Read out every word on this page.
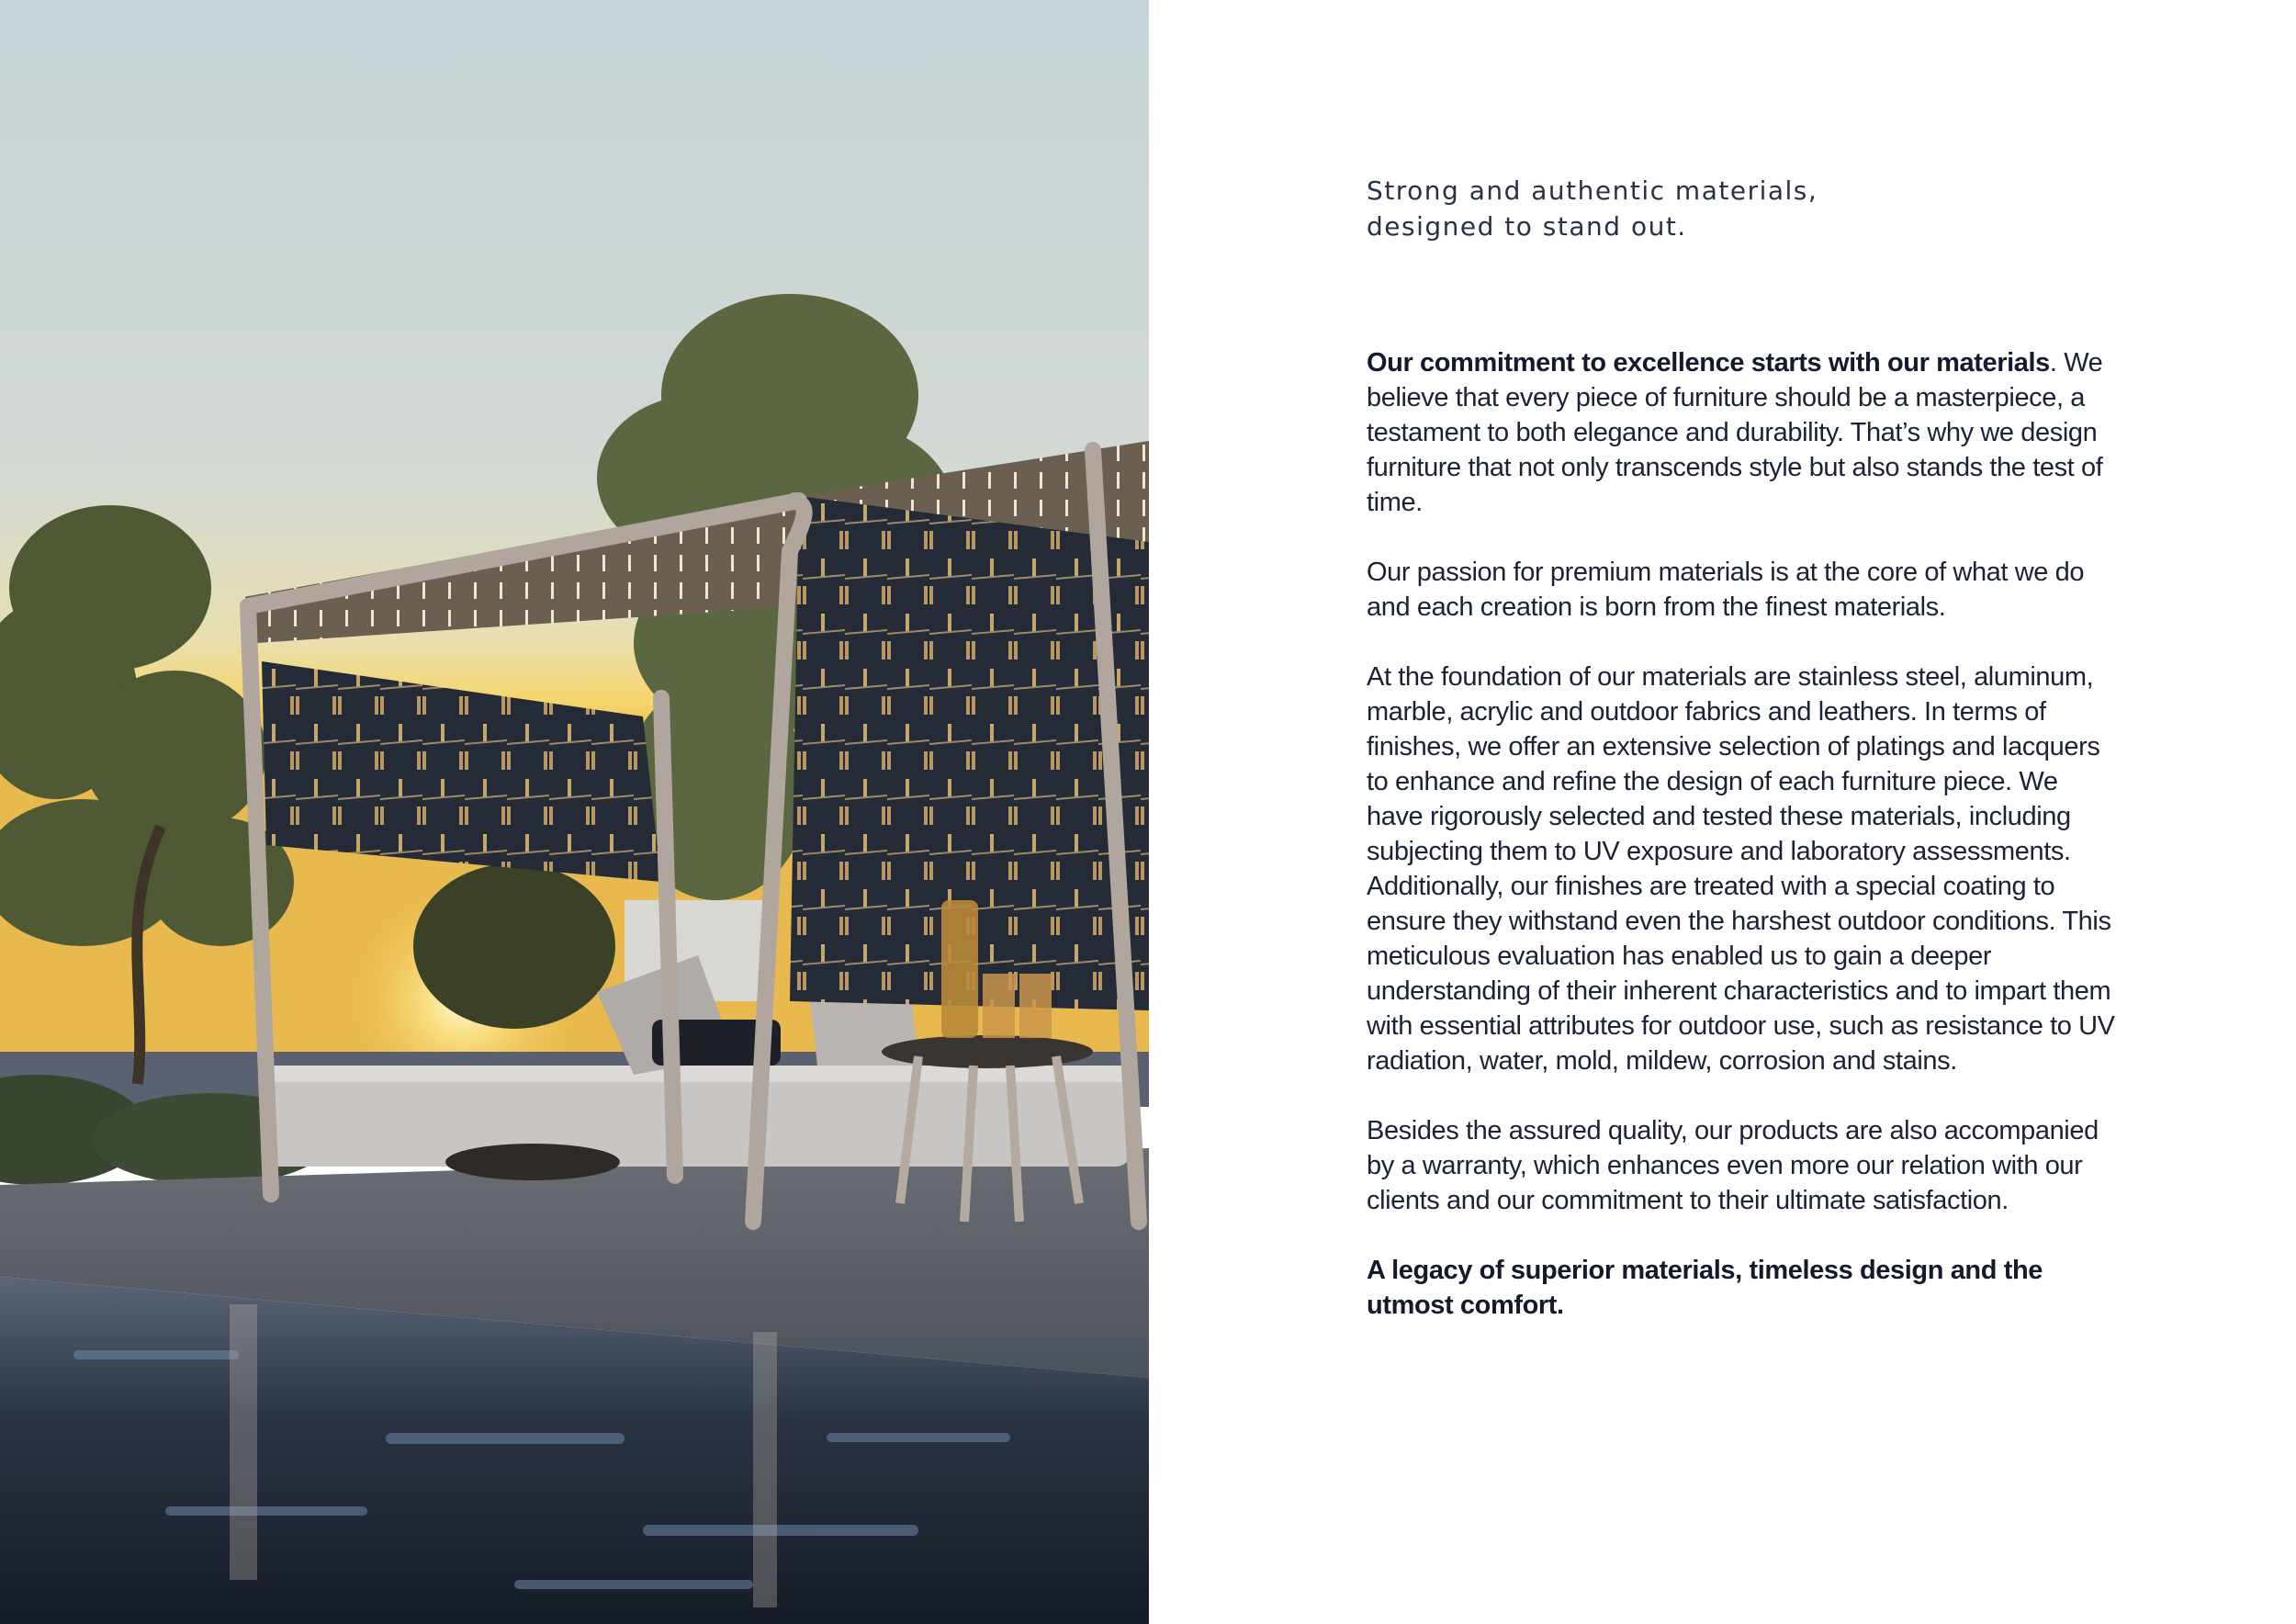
Strong and authentic materials,
designed to stand out.

Our commitment to excellence starts with our materials. We believe that every piece of furniture should be a masterpiece, a testament to both elegance and durability. That’s why we design furniture that not only transcends style but also stands the test of time.

Our passion for premium materials is at the core of what we do and each creation is born from the finest materials.

At the foundation of our materials are stainless steel, aluminum, marble, acrylic and outdoor fabrics and leathers. In terms of finishes, we offer an extensive selection of platings and lacquers to enhance and refine the design of each furniture piece. We have rigorously selected and tested these materials, including subjecting them to UV exposure and laboratory assessments. Additionally, our finishes are treated with a special coating to ensure they withstand even the harshest outdoor conditions. This meticulous evaluation has enabled us to gain a deeper understanding of their inherent characteristics and to impart them with essential attributes for outdoor use, such as resistance to UV radiation, water, mold, mildew, corrosion and stains.

Besides the assured quality, our products are also accompanied by a warranty, which enhances even more our relation with our clients and our commitment to their ultimate satisfaction.

A legacy of superior materials, timeless design and the utmost comfort.
